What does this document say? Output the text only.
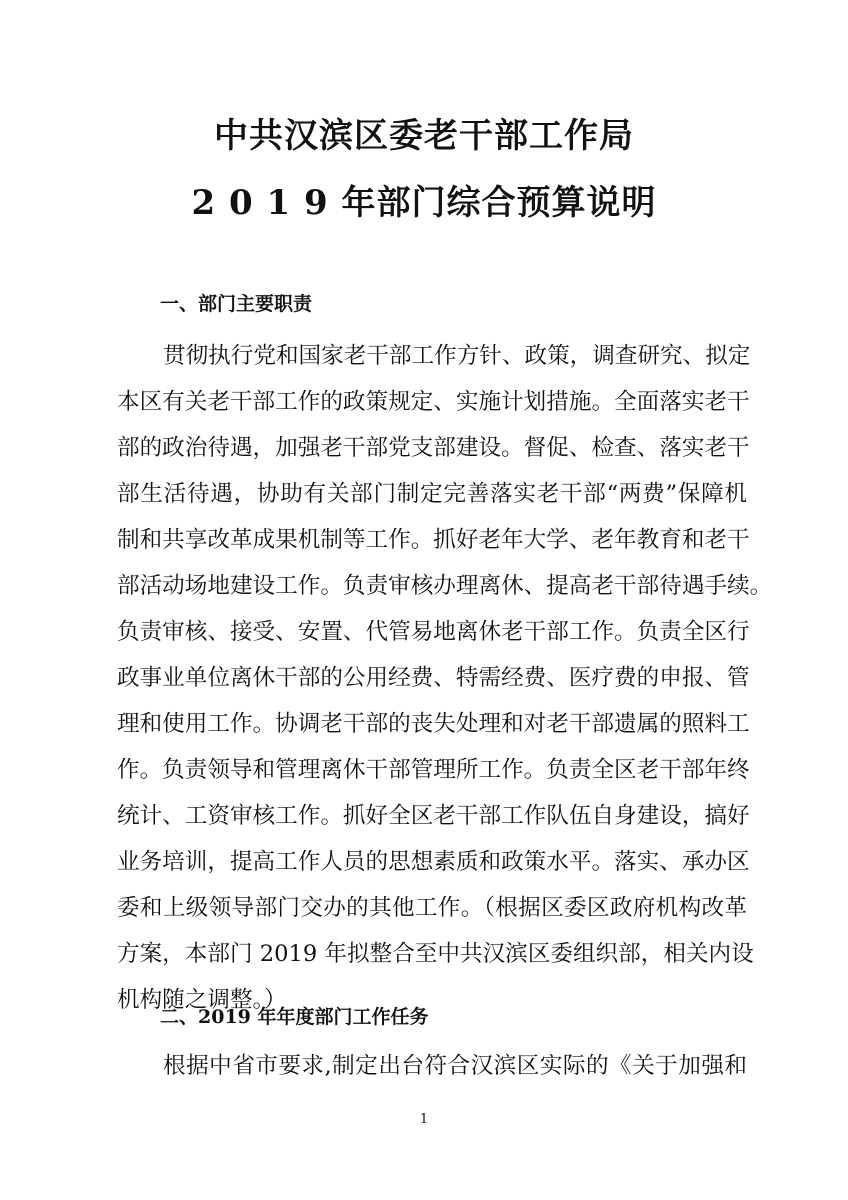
中共汉滨区委老干部工作局
2 0 1 9 年部门综合预算说明
一、部门主要职责
贯彻执行党和国家老干部工作方针、政策，调查研究、拟定
本区有关老干部工作的政策规定、实施计划措施。全面落实老干
部的政治待遇，加强老干部党支部建设。督促、检查、落实老干
部生活待遇，协助有关部门制定完善落实老干部“两费”保障机
制和共享改革成果机制等工作。抓好老年大学、老年教育和老干
部活动场地建设工作。负责审核办理离休、提高老干部待遇手续。
负责审核、接受、安置、代管易地离休老干部工作。负责全区行
政事业单位离休干部的公用经费、特需经费、医疗费的申报、管
理和使用工作。协调老干部的丧失处理和对老干部遗属的照料工
作。负责领导和管理离休干部管理所工作。负责全区老干部年终
统计、工资审核工作。抓好全区老干部工作队伍自身建设，搞好
业务培训，提高工作人员的思想素质和政策水平。落实、承办区
委和上级领导部门交办的其他工作。（根据区委区政府机构改革
方案，本部门 2019 年拟整合至中共汉滨区委组织部，相关内设
机构随之调整。）
二、2019 年年度部门工作任务
根据中省市要求,制定出台符合汉滨区实际的《关于加强和
1
